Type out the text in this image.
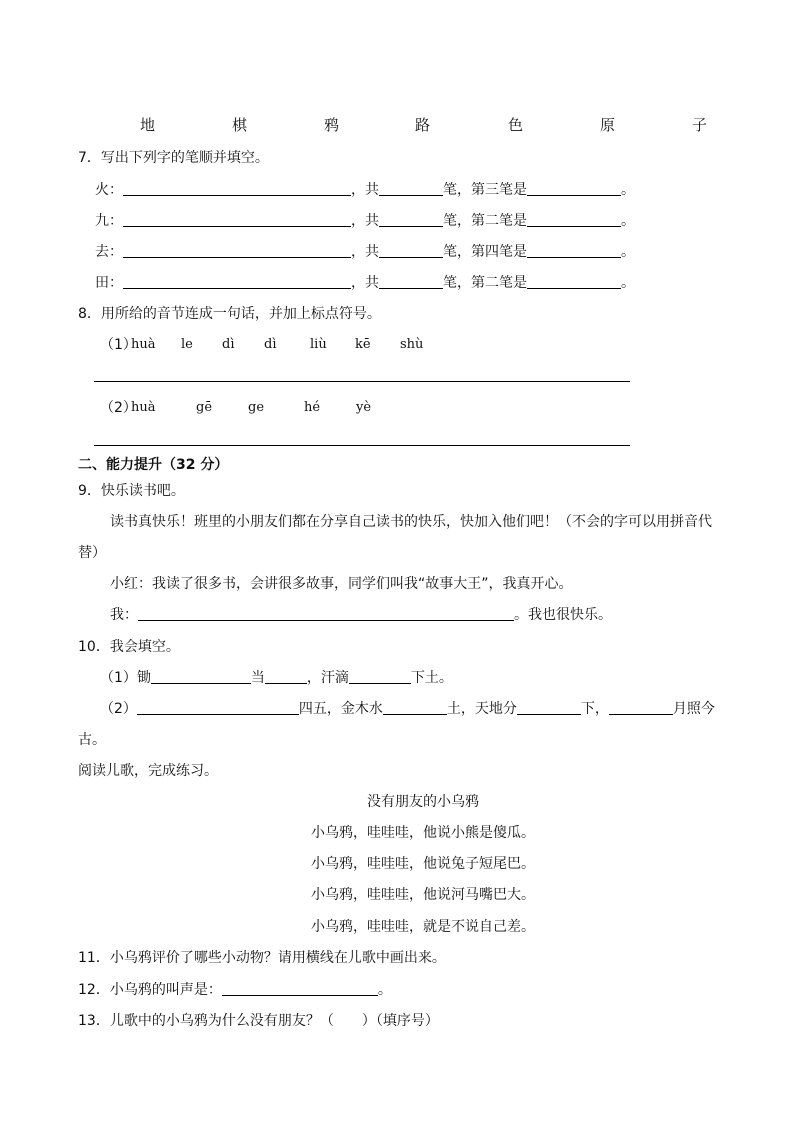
地	棋	鸦	路	色	原	子
7．写出下列字的笔顺并填空。
火：	，共	笔，第三笔是	。
九：	，共	笔，第二笔是	。
去：	，共	笔，第四笔是	。
田：	，共	笔，第二笔是	。
8．用所给的音节连成一句话，并加上标点符号。
（1）
huà le dì dì	liù kē shù
（2）
huà	gē	ge	hé	yè
二、能力提升（32 分）
9．快乐读书吧。
读书真快乐！班里的小朋友们都在分享自己读书的快乐，快加入他们吧！（不会的字可以用拼音代
替）
小红：我读了很多书，会讲很多故事，同学们叫我“故事大王”，我真开心。
我：	。我也很快乐。
10．我会填空。
（1）锄	当	，汗滴	下土。
（2）	四五，金木水	土，天地分	下，	月照今
古。
阅读儿歌，完成练习。
没有朋友的小乌鸦
小乌鸦，哇哇哇，他说小熊是傻瓜。
小乌鸦，哇哇哇，他说兔子短尾巴。
小乌鸦，哇哇哇，他说河马嘴巴大。
小乌鸦，哇哇哇，就是不说自己差。
11．小乌鸦评价了哪些小动物？请用横线在儿歌中画出来。
12．小乌鸦的叫声是：	。
13．儿歌中的小乌鸦为什么没有朋友？（　　）（填序号）
